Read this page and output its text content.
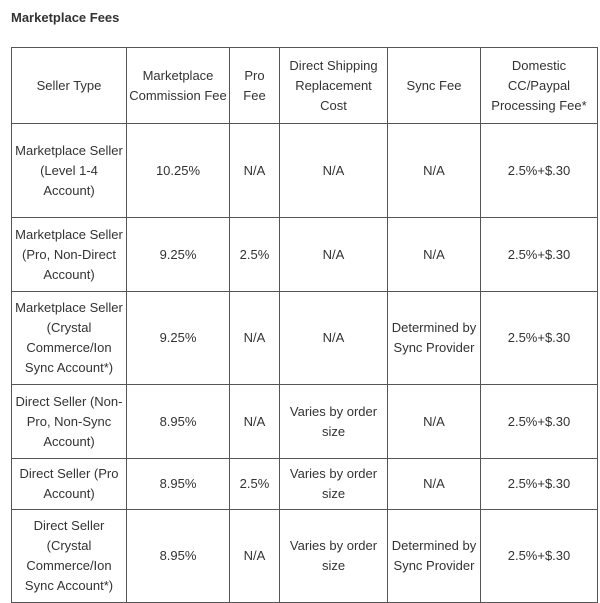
Marketplace Fees
Seller Type	Marketplace Commission Fee	Pro Fee	Direct Shipping Replacement Cost	Sync Fee	Domestic CC/Paypal Processing Fee*
Marketplace Seller (Level 1-4 Account)	10.25%	N/A	N/A	N/A	2.5%+$.30
Marketplace Seller (Pro, Non-Direct Account)	9.25%	2.5%	N/A	N/A	2.5%+$.30
Marketplace Seller (Crystal Commerce/Ion Sync Account*)	9.25%	N/A	N/A	Determined by Sync Provider	2.5%+$.30
Direct Seller (Non-Pro, Non-Sync Account)	8.95%	N/A	Varies by order size	N/A	2.5%+$.30
Direct Seller (Pro Account)	8.95%	2.5%	Varies by order size	N/A	2.5%+$.30
Direct Seller (Crystal Commerce/Ion Sync Account*)	8.95%	N/A	Varies by order size	Determined by Sync Provider	2.5%+$.30
